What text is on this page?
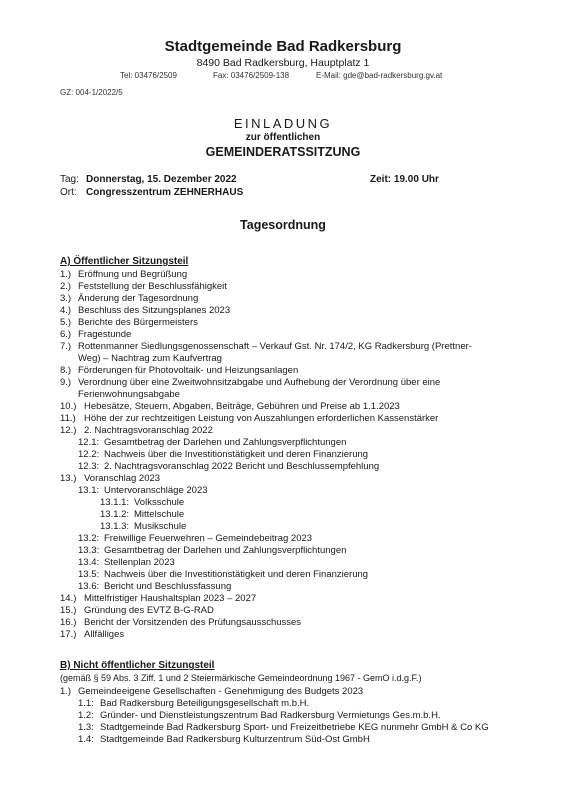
Stadtgemeinde Bad Radkersburg
8490 Bad Radkersburg, Hauptplatz 1
Tel: 03476/2509	Fax: 03476/2509-138	E-Mail: gde@bad-radkersburg.gv.at
GZ: 004-1/2022/5
EINLADUNG
zur öffentlichen
GEMEINDERATSSITZUNG
Tag: Donnerstag, 15. Dezember 2022	Zeit: 19.00 Uhr
Ort: Congresszentrum ZEHNERHAUS
Tagesordnung
A) Öffentlicher Sitzungsteil
1.) Eröffnung und Begrüßung
2.) Feststellung der Beschlussfähigkeit
3.) Änderung der Tagesordnung
4.) Beschluss des Sitzungsplanes 2023
5.) Berichte des Bürgermeisters
6.) Fragestunde
7.) Rottenmanner Siedlungsgenossenschaft – Verkauf Gst. Nr. 174/2, KG Radkersburg (Prettner-
Weg) – Nachtrag zum Kaufvertrag
8.) Förderungen für Photovoltaik- und Heizungsanlagen
9.) Verordnung über eine Zweitwohnsitzabgabe und Aufhebung der Verordnung über eine
Ferienwohnungsabgabe
10.) Hebesätze, Steuern, Abgaben, Beiträge, Gebühren und Preise ab 1.1.2023
11.) Höhe der zur rechtzeitigen Leistung von Auszahlungen erforderlichen Kassenstärker
12.) 2. Nachtragsvoranschlag 2022
12.1: Gesamtbetrag der Darlehen und Zahlungsverpflichtungen
12.2: Nachweis über die Investitionstätigkeit und deren Finanzierung
12.3: 2. Nachtragsvoranschlag 2022 Bericht und Beschlussempfehlung
13.) Voranschlag 2023
13.1: Untervoranschläge 2023
13.1.1: Volksschule
13.1.2: Mittelschule
13.1.3: Musikschule
13.2: Freiwillige Feuerwehren – Gemeindebeitrag 2023
13.3: Gesamtbetrag der Darlehen und Zahlungsverpflichtungen
13.4: Stellenplan 2023
13.5: Nachweis über die Investitionstätigkeit und deren Finanzierung
13.6: Bericht und Beschlussfassung
14.) Mittelfristiger Haushaltsplan 2023 – 2027
15.) Gründung des EVTZ B-G-RAD
16.) Bericht der Vorsitzenden des Prüfungsausschusses
17.) Allfälliges
B) Nicht öffentlicher Sitzungsteil
(gemäß § 59 Abs. 3 Ziff. 1 und 2 Steiermärkische Gemeindeordnung 1967 - GemO i.d.g.F.)
1.) Gemeindeeigene Gesellschaften - Genehmigung des Budgets 2023
1.1: Bad Radkersburg Beteiligungsgesellschaft m.b.H.
1.2: Gründer- und Dienstleistungszentrum Bad Radkersburg Vermietungs Ges.m.b.H.
1.3: Stadtgemeinde Bad Radkersburg Sport- und Freizeitbetriebe KEG nunmehr GmbH & Co KG
1.4: Stadtgemeinde Bad Radkersburg Kulturzentrum Süd-Ost GmbH
